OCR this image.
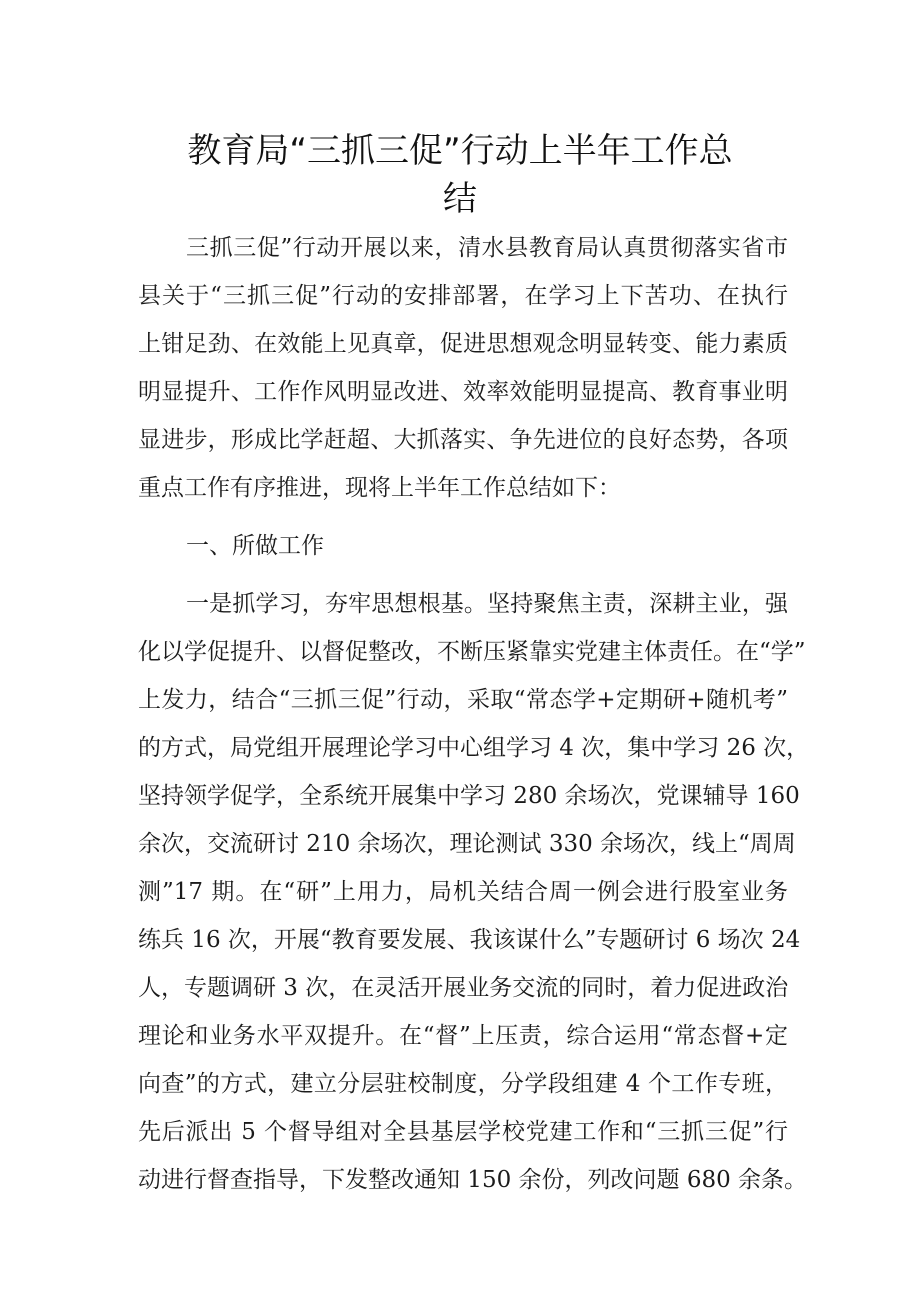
教育局“三抓三促”行动上半年工作总
结
三抓三促”行动开展以来，清水县教育局认真贯彻落实省市
县关于“三抓三促”行动的安排部署，在学习上下苦功、在执行
上钳足劲、在效能上见真章，促进思想观念明显转变、能力素质
明显提升、工作作风明显改进、效率效能明显提高、教育事业明
显进步，形成比学赶超、大抓落实、争先进位的良好态势，各项
重点工作有序推进，现将上半年工作总结如下：
一、所做工作
一是抓学习，夯牢思想根基。坚持聚焦主责，深耕主业，强
化以学促提升、以督促整改，不断压紧靠实党建主体责任。在“学”
上发力，结合“三抓三促”行动，采取“常态学+定期研+随机考”
的方式，局党组开展理论学习中心组学习 4 次，集中学习 26 次，
坚持领学促学，全系统开展集中学习 280 余场次，党课辅导 160
余次，交流研讨 210 余场次，理论测试 330 余场次，线上“周周
测”17 期。在“研”上用力，局机关结合周一例会进行股室业务
练兵 16 次，开展“教育要发展、我该谋什么”专题研讨 6 场次 24
人，专题调研 3 次，在灵活开展业务交流的同时，着力促进政治
理论和业务水平双提升。在“督”上压责，综合运用“常态督+定
向查”的方式，建立分层驻校制度，分学段组建 4 个工作专班，
先后派出 5 个督导组对全县基层学校党建工作和“三抓三促”行
动进行督查指导，下发整改通知 150 余份，列改问题 680 余条。
